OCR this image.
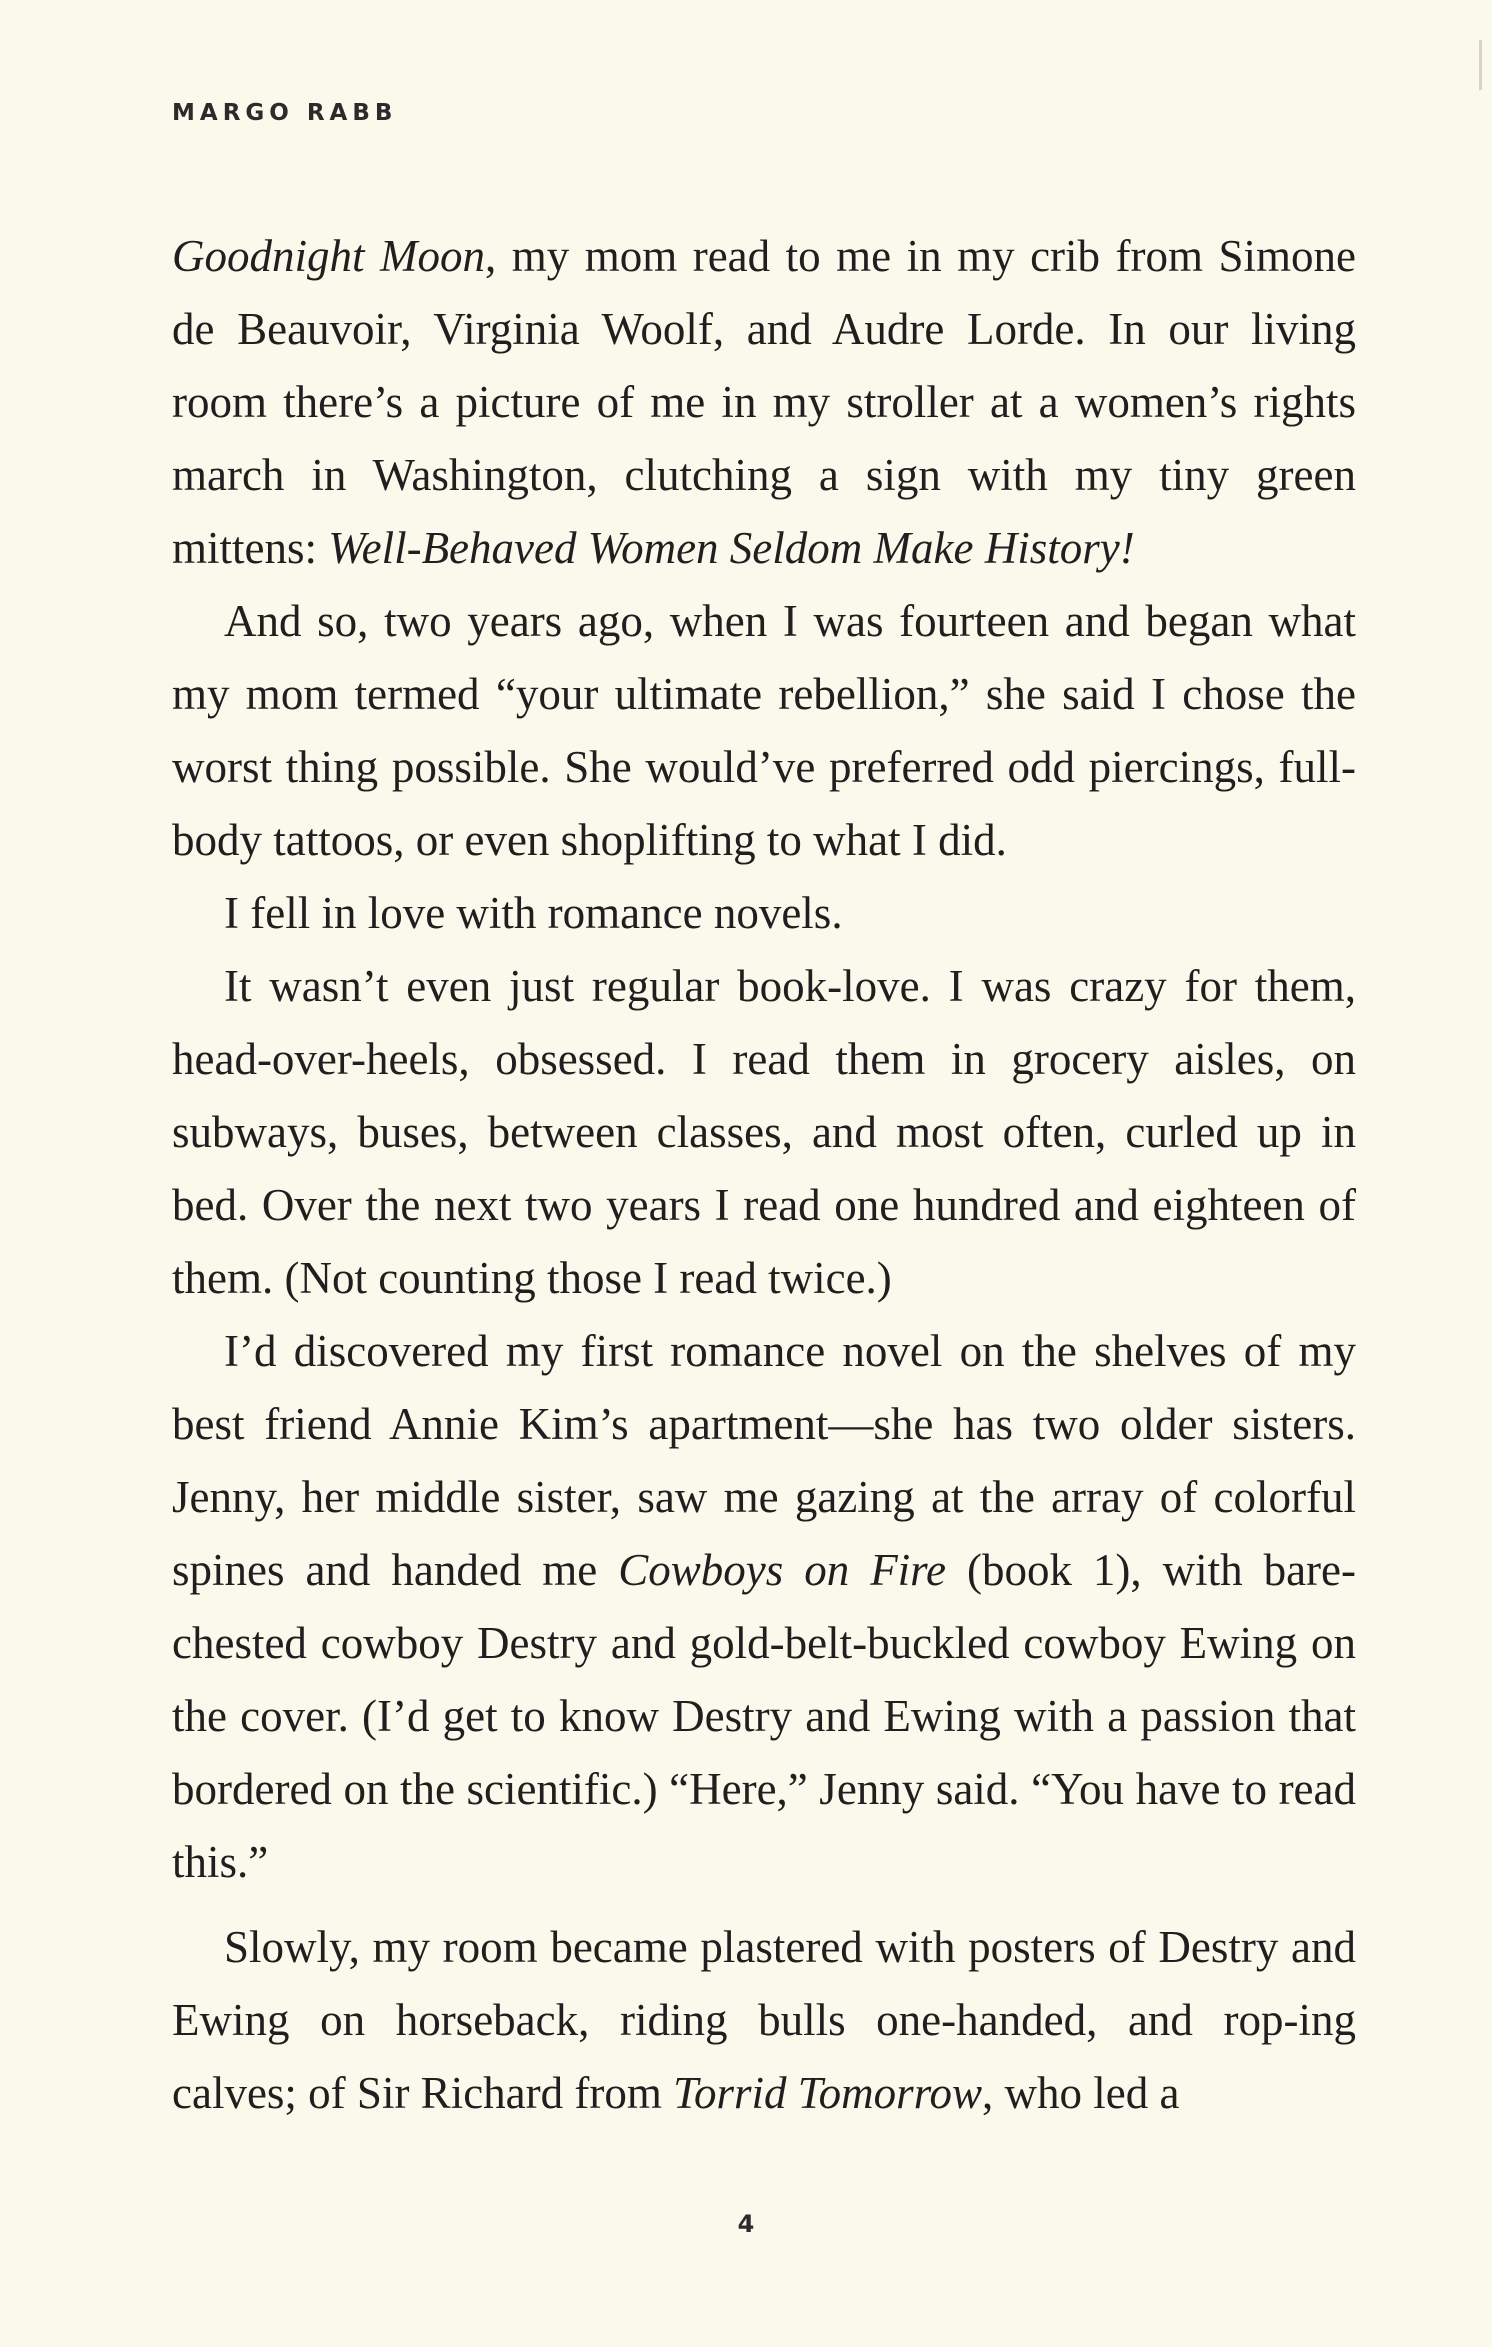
MARGO RABB

Goodnight Moon, my mom read to me in my crib from Simone de Beauvoir, Virginia Woolf, and Audre Lorde. In our living room there’s a picture of me in my stroller at a women’s rights march in Washington, clutching a sign with my tiny green mittens: Well-Behaved Women Seldom Make History!

And so, two years ago, when I was fourteen and began what my mom termed “your ultimate rebellion,” she said I chose the worst thing possible. She would’ve preferred odd piercings, full-body tattoos, or even shoplifting to what I did.

I fell in love with romance novels.

It wasn’t even just regular book-love. I was crazy for them, head-over-heels, obsessed. I read them in grocery aisles, on subways, buses, between classes, and most often, curled up in bed. Over the next two years I read one hundred and eighteen of them. (Not counting those I read twice.)

I’d discovered my first romance novel on the shelves of my best friend Annie Kim’s apartment—she has two older sisters. Jenny, her middle sister, saw me gazing at the array of colorful spines and handed me Cowboys on Fire (book 1), with bare-chested cowboy Destry and gold-belt-buckled cowboy Ewing on the cover. (I’d get to know Destry and Ewing with a passion that bordered on the scientific.) “Here,” Jenny said. “You have to read this.”

Slowly, my room became plastered with posters of Destry and Ewing on horseback, riding bulls one-handed, and rop-ing calves; of Sir Richard from Torrid Tomorrow, who led a

4
